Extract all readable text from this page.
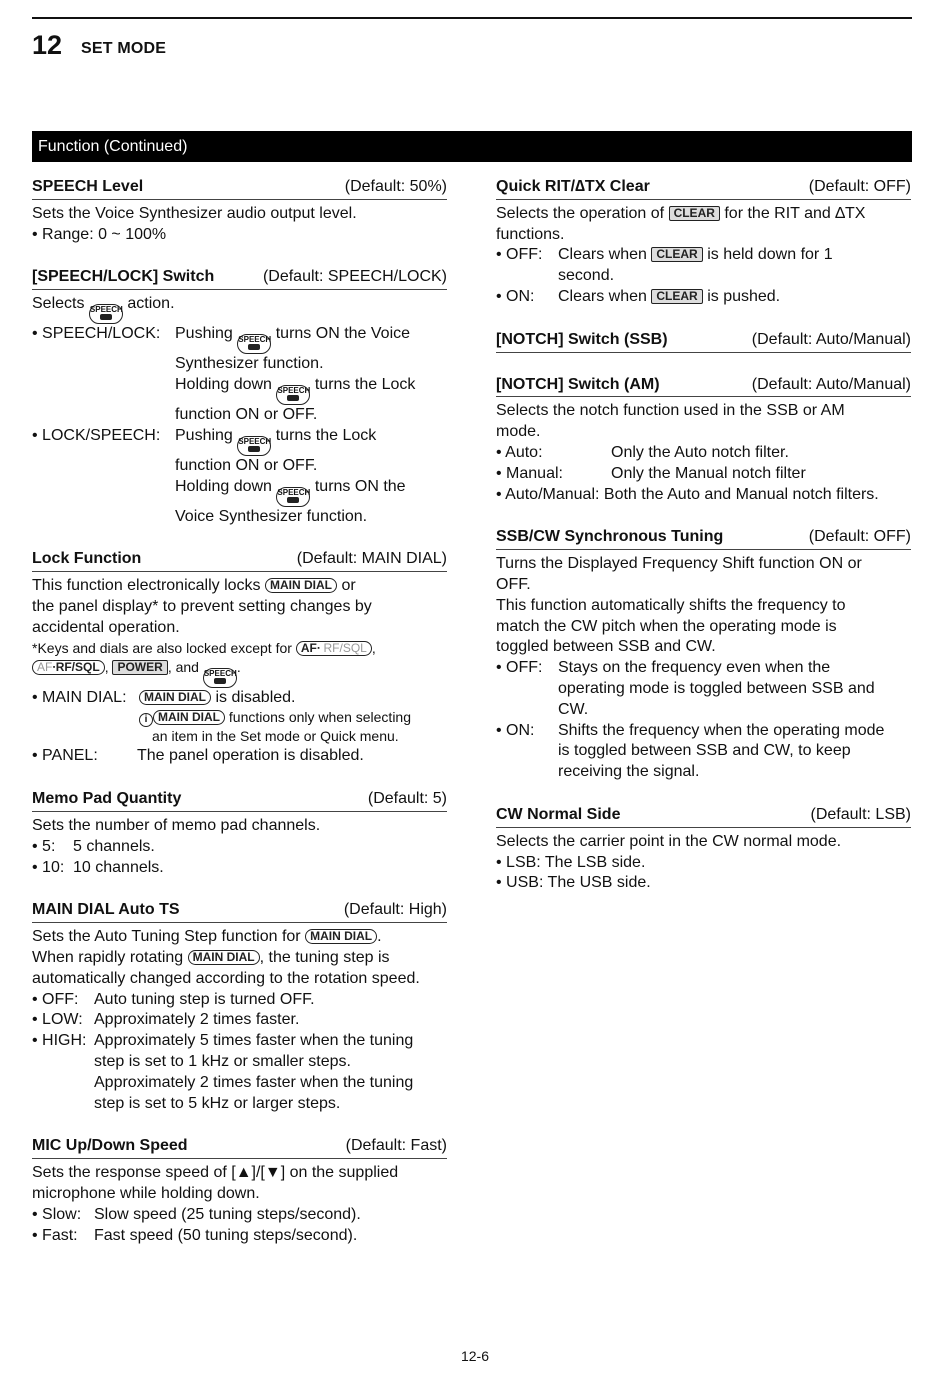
12 SET MODE
Function (Continued)
SPEECH Level	(Default: 50%)

Sets the Voice Synthesizer audio output level.

• Range: 0 ~ 100%

[SPEECH/LOCK] Switch	(Default: SPEECH/LOCK)

Selects SPEECH action.

• SPEECH/LOCK: Pushing SPEECH turns ON the Voice
Synthesizer function.
Holding down SPEECH turns the Lock
function ON or OFF.
• LOCK/SPEECH: Pushing SPEECH turns the Lock
function ON or OFF.
Holding down SPEECH turns ON the
Voice Synthesizer function.
Lock Function	(Default: MAIN DIAL)

This function electronically locks MAIN DIAL or

the panel display* to prevent setting changes by

accidental operation.

*Keys and dials are also locked except for AF∙ RF/SQL ,
AF∙RF/SQL , POWER , and SPEECH
.

• MAIN DIAL:	MAIN DIAL is disabled.

i MAIN DIAL functions only when selecting

an item in the Set mode or Quick menu.

• PANEL:	The panel operation is disabled.
Memo Pad Quantity	(Default: 5)

Sets the number of memo pad channels.

• 5:	5 channels.
• 10: 10 channels.
MAIN DIAL Auto TS	(Default: High)

Sets the Auto Tuning Step function for MAIN DIAL .

When rapidly rotating MAIN DIAL , the tuning step is

automatically changed according to the rotation speed.

• OFF: Auto tuning step is turned OFF.
• LOW: Approximately 2 times faster.
• HIGH: Approximately 5 times faster when the tuning
step is set to 1 kHz or smaller steps.
Approximately 2 times faster when the tuning
step is set to 5 kHz or larger steps.
MIC Up/Down Speed	(Default: Fast)

Sets the response speed of [▲]/[▼] on the supplied

microphone while holding down.

• Slow: Slow speed (25 tuning steps/second).
• Fast:	Fast speed (50 tuning steps/second).
Quick RIT/∆TX Clear	(Default: OFF)

Selects the operation of CLEAR for the RIT and ∆TX

functions.

• OFF: Clears when CLEAR is held down for 1
second.
• ON:	Clears when CLEAR is pushed.
[NOTCH] Switch (SSB)	(Default: Auto/Manual)
[NOTCH] Switch (AM)	(Default: Auto/Manual)

Selects the notch function used in the SSB or AM

mode.

• Auto:	Only the Auto notch filter.
• Manual:	Only the Manual notch filter
• Auto/Manual:
Both the Auto and Manual notch filters.
SSB/CW Synchronous Tuning	(Default: OFF)

Turns the Displayed Frequency Shift function ON or

OFF.

This function automatically shifts the frequency to

match the CW pitch when the operating mode is

toggled between SSB and CW.

• OFF: Stays on the frequency even when the
operating mode is toggled between SSB and
CW.
• ON:	Shifts the frequency when the operating mode
is toggled between SSB and CW, to keep
receiving the signal.
CW Normal Side	(Default: LSB)

Selects the carrier point in the CW normal mode.

• LSB: The LSB side.

• USB: The USB side.

12-6
